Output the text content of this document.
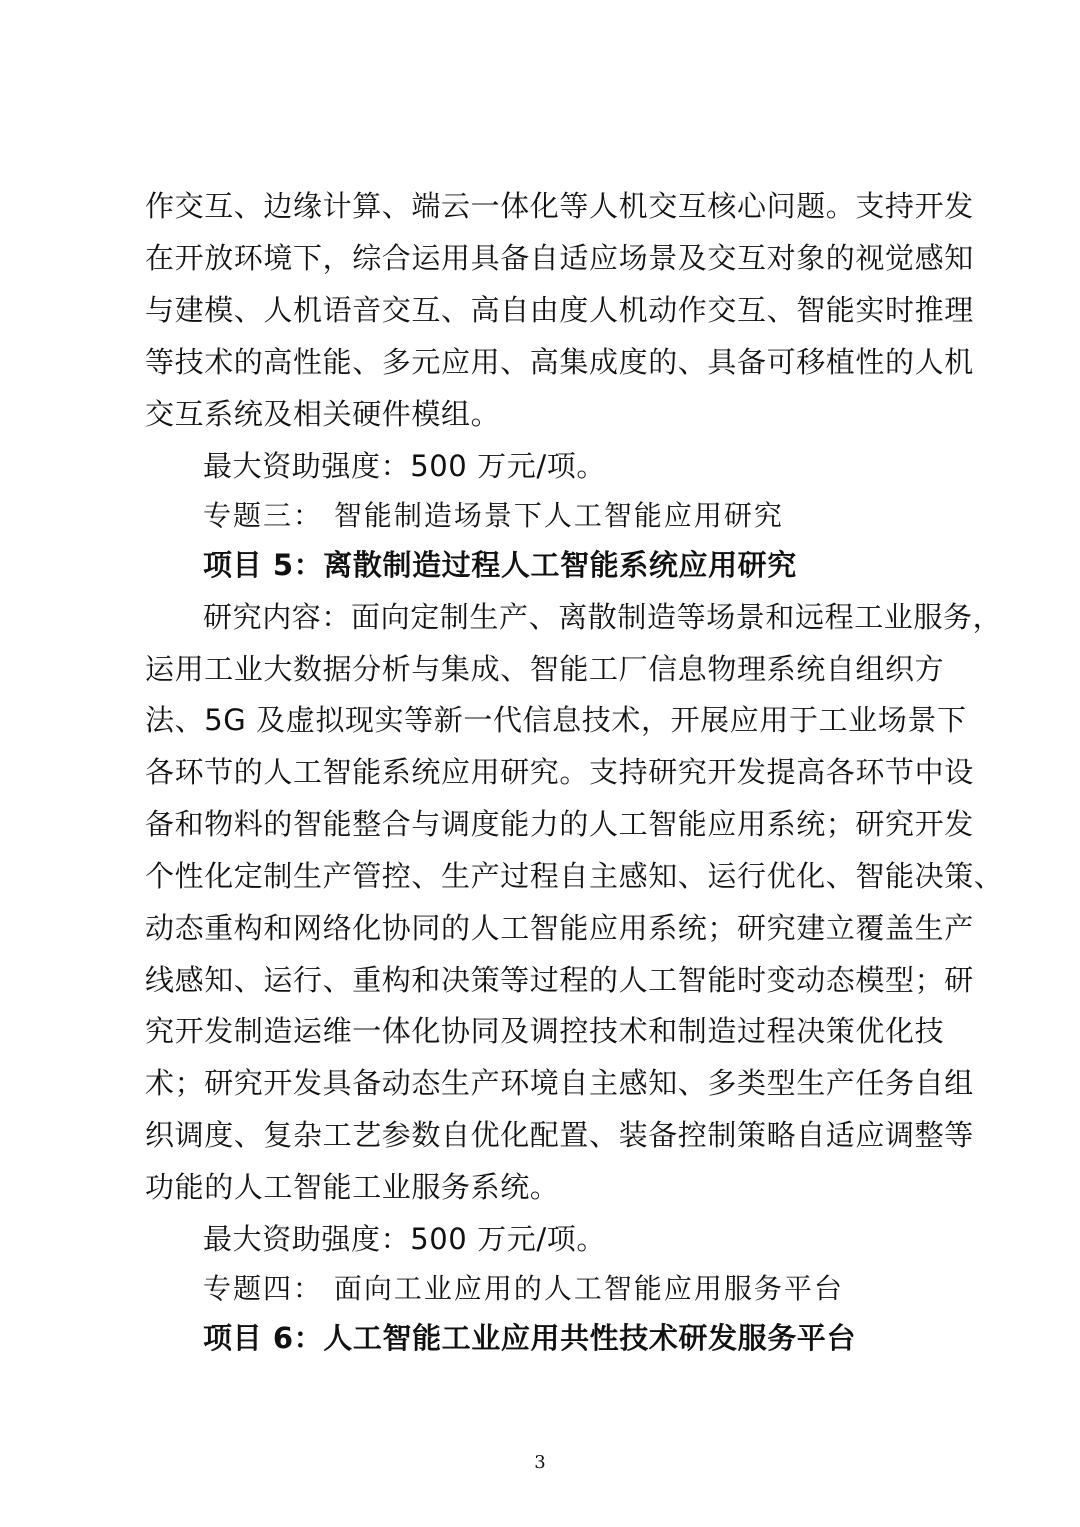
作交互、边缘计算、端云一体化等人机交互核心问题。支持开发
在开放环境下，综合运用具备自适应场景及交互对象的视觉感知
与建模、人机语音交互、高自由度人机动作交互、智能实时推理
等技术的高性能、多元应用、高集成度的、具备可移植性的人机
交互系统及相关硬件模组。
最大资助强度：500 万元/项。
专题三： 智能制造场景下人工智能应用研究
项目 5：离散制造过程人工智能系统应用研究
研究内容：面向定制生产、离散制造等场景和远程工业服务，
运用工业大数据分析与集成、智能工厂信息物理系统自组织方
法、5G 及虚拟现实等新一代信息技术，开展应用于工业场景下
各环节的人工智能系统应用研究。支持研究开发提高各环节中设
备和物料的智能整合与调度能力的人工智能应用系统；研究开发
个性化定制生产管控、生产过程自主感知、运行优化、智能决策、
动态重构和网络化协同的人工智能应用系统；研究建立覆盖生产
线感知、运行、重构和决策等过程的人工智能时变动态模型；研
究开发制造运维一体化协同及调控技术和制造过程决策优化技
术；研究开发具备动态生产环境自主感知、多类型生产任务自组
织调度、复杂工艺参数自优化配置、装备控制策略自适应调整等
功能的人工智能工业服务系统。
最大资助强度：500 万元/项。
专题四： 面向工业应用的人工智能应用服务平台
项目 6：人工智能工业应用共性技术研发服务平台
3
